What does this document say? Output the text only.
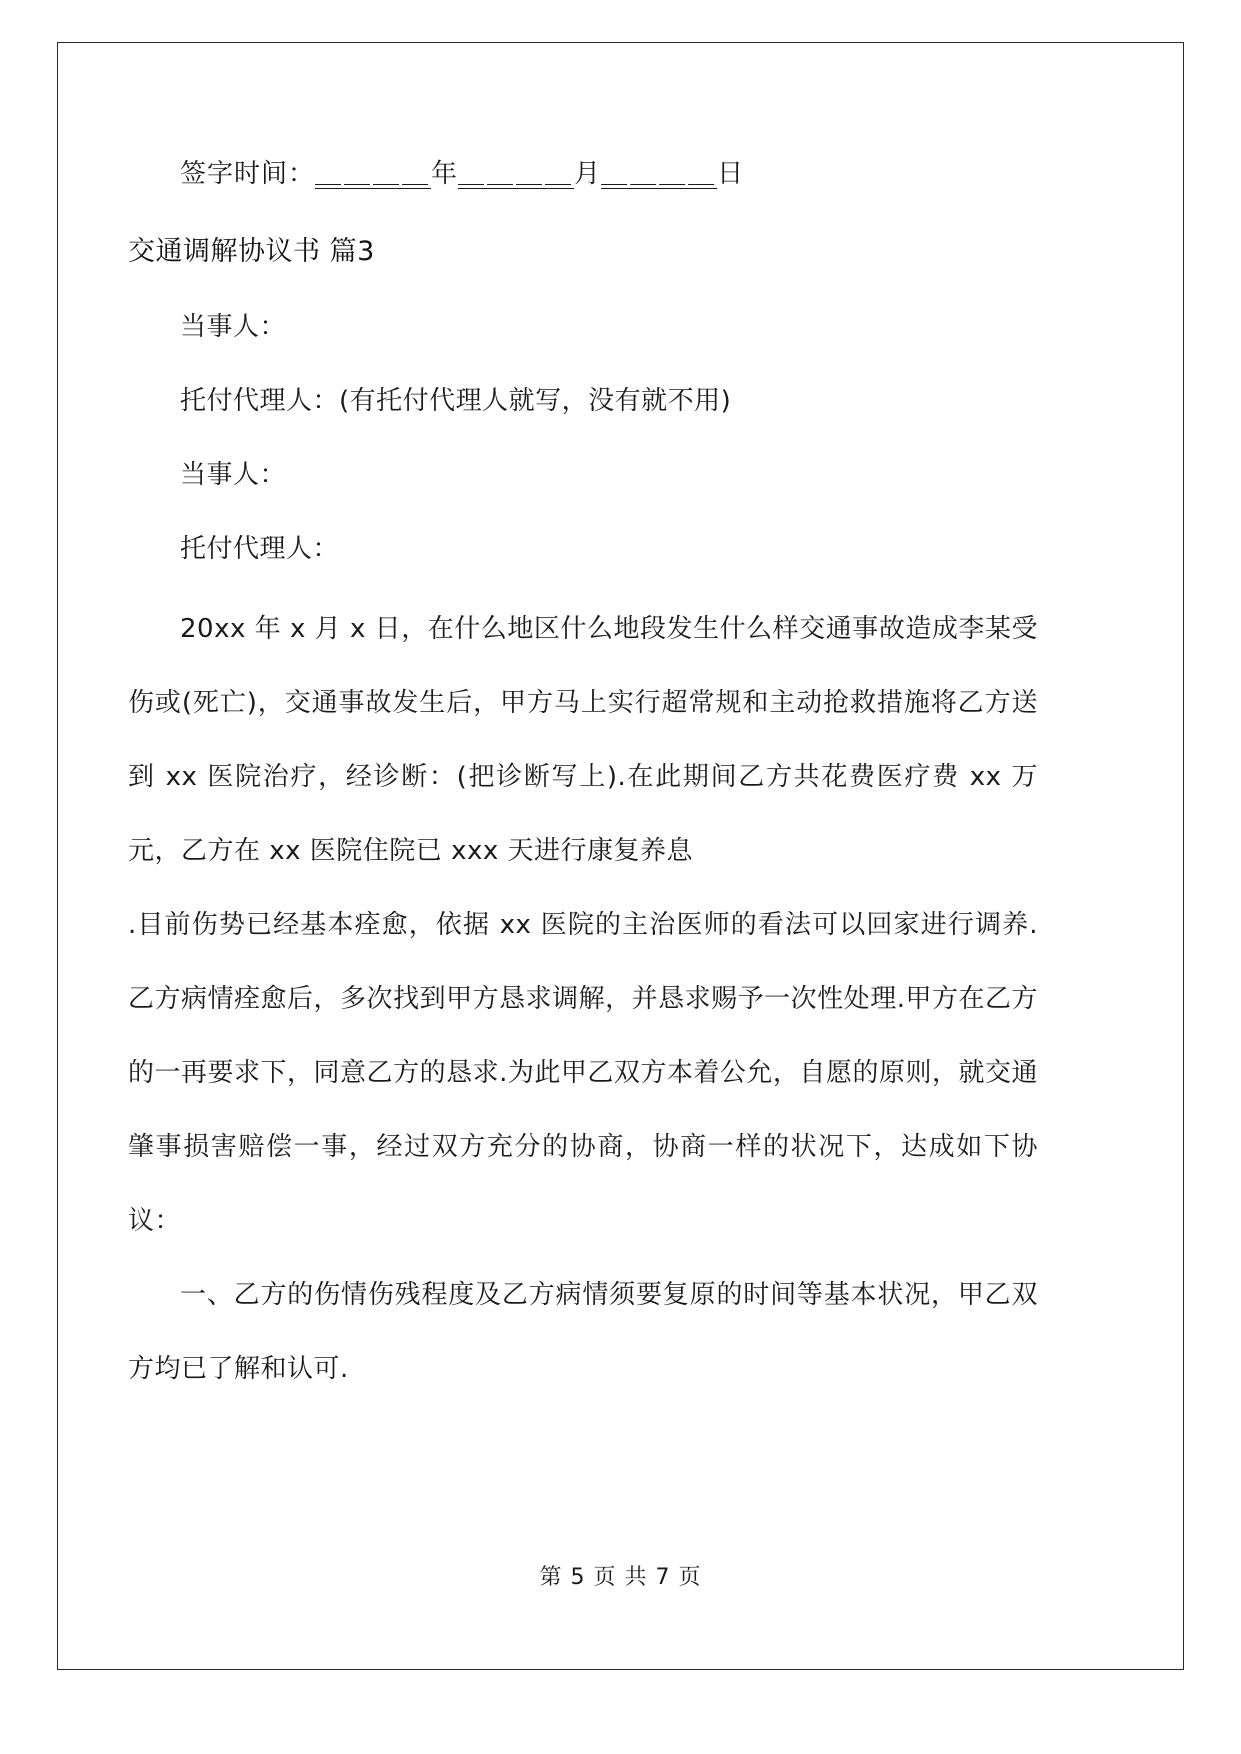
签字时间：＿＿＿＿年＿＿＿＿月＿＿＿＿日

交通调解协议书 篇3

当事人：

托付代理人：(有托付代理人就写，没有就不用)

当事人：

托付代理人：

20xx 年 x 月 x 日，在什么地区什么地段发生什么样交通事故造成李某受伤或(死亡)，交通事故发生后，甲方马上实行超常规和主动抢救措施将乙方送到 xx 医院治疗，经诊断：(把诊断写上).在此期间乙方共花费医疗费 xx 万元，乙方在 xx 医院住院已 xxx 天进行康复养息

.目前伤势已经基本痊愈，依据 xx 医院的主治医师的看法可以回家进行调养.乙方病情痊愈后，多次找到甲方恳求调解，并恳求赐予一次性处理.甲方在乙方的一再要求下，同意乙方的恳求.为此甲乙双方本着公允，自愿的原则，就交通肇事损害赔偿一事，经过双方充分的协商，协商一样的状况下，达成如下协议：

一、乙方的伤情伤残程度及乙方病情须要复原的时间等基本状况，甲乙双方均已了解和认可.

第 5 页 共 7 页
